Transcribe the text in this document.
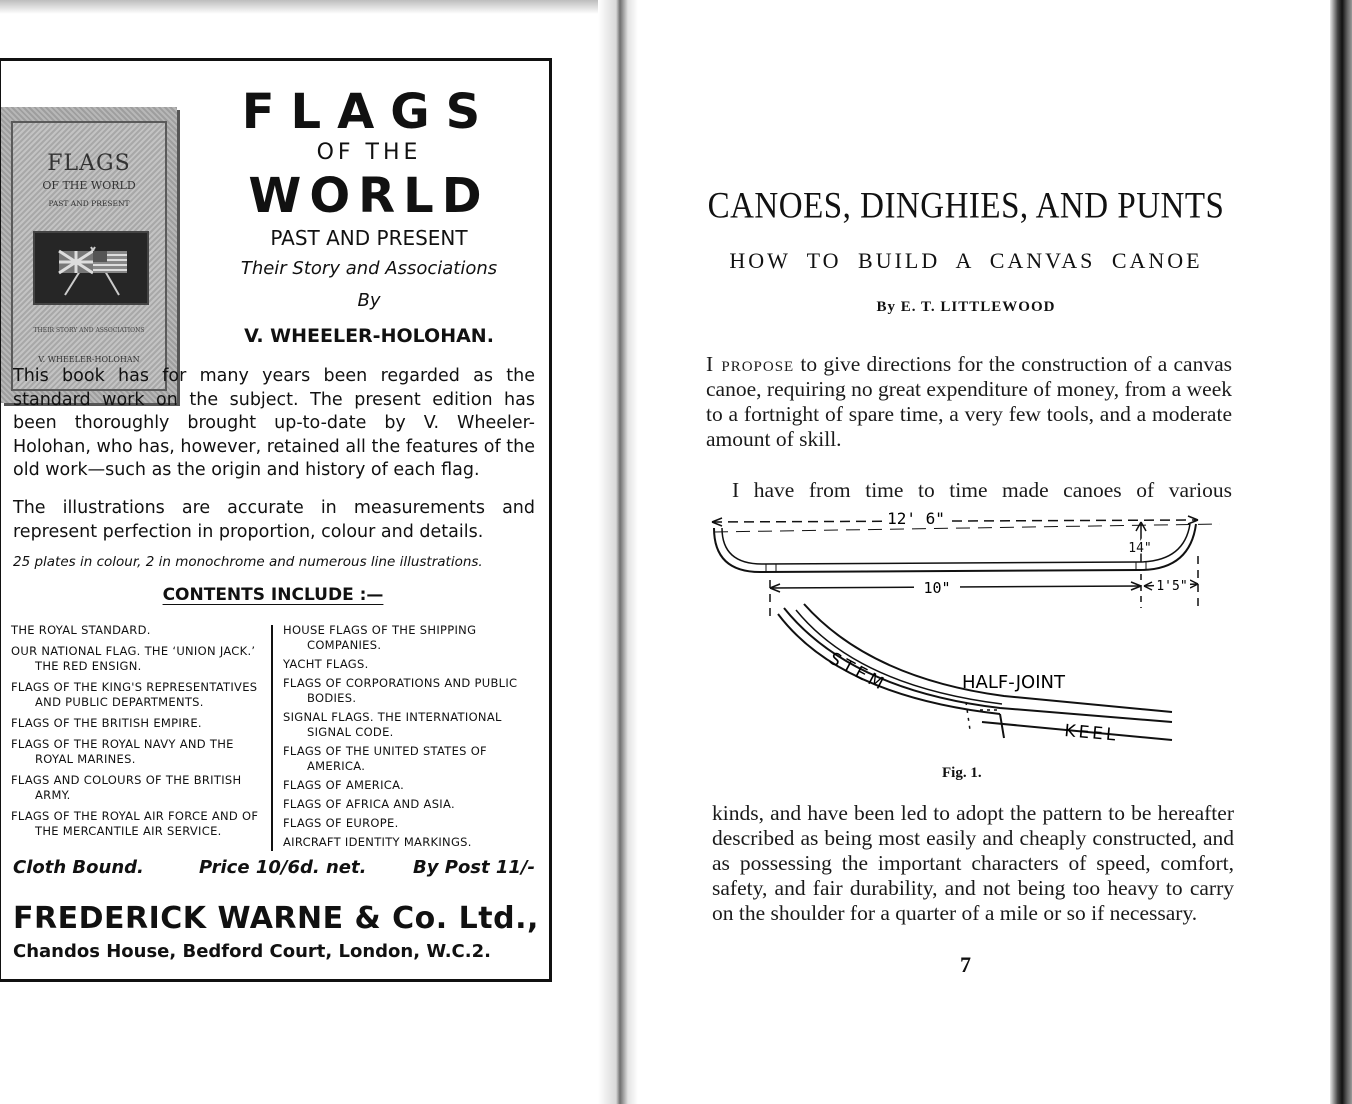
FLAGS
OF THE WORLD
PAST AND PRESENT
THEIR STORY AND ASSOCIATIONS
V. WHEELER-HOLOHAN
FLAGS
OF THE
WORLD
PAST AND PRESENT
Their Story and Associations
By
V. WHEELER-HOLOHAN.

This book has for many years been regarded as the standard work on the subject. The present edition has been thoroughly brought up-to-date by V. Wheeler-Holohan, who has, however, retained all the features of the old work—such as the origin and history of each flag.

The illustrations are accurate in measurements and represent perfection in proportion, colour and details.

25 plates in colour, 2 in monochrome and numerous line illustrations.
CONTENTS INCLUDE :—
THE ROYAL STANDARD.
OUR NATIONAL FLAG. THE ‘UNION JACK.’ THE RED ENSIGN.
FLAGS OF THE KING'S REPRESENTATIVES AND PUBLIC DEPARTMENTS.
FLAGS OF THE BRITISH EMPIRE.
FLAGS OF THE ROYAL NAVY AND THE ROYAL MARINES.
FLAGS AND COLOURS OF THE BRITISH ARMY.
FLAGS OF THE ROYAL AIR FORCE AND OF THE MERCANTILE AIR SERVICE.
HOUSE FLAGS OF THE SHIPPING COMPANIES.
YACHT FLAGS.
FLAGS OF CORPORATIONS AND PUBLIC BODIES.
SIGNAL FLAGS. THE INTERNATIONAL SIGNAL CODE.
FLAGS OF THE UNITED STATES OF AMERICA.
FLAGS OF AMERICA.
FLAGS OF AFRICA AND ASIA.
FLAGS OF EUROPE.
AIRCRAFT IDENTITY MARKINGS.
Cloth Bound.	Price 10/6d. net.	By Post 11/-
FREDERICK WARNE & Co. Ltd.,
Chandos House, Bedford Court, London, W.C.2.
CANOES, DINGHIES, AND PUNTS
HOW TO BUILD A CANVAS CANOE
By E. T. LITTLEWOOD

I propose to give directions for the construction of a canvas canoe, requiring no great expenditure of money, from a week to a fortnight of spare time, a very few tools, and a moderate amount of skill.

I have from time to time made canoes of various

12' 6"
14"
10"	1'5"
STEM	HALF-JOINT
KEEL
Fig. 1.

kinds, and have been led to adopt the pattern to be hereafter described as being most easily and cheaply constructed, and as possessing the important characters of speed, comfort, safety, and fair durability, and not being too heavy to carry on the shoulder for a quarter of a mile or so if necessary.

7
